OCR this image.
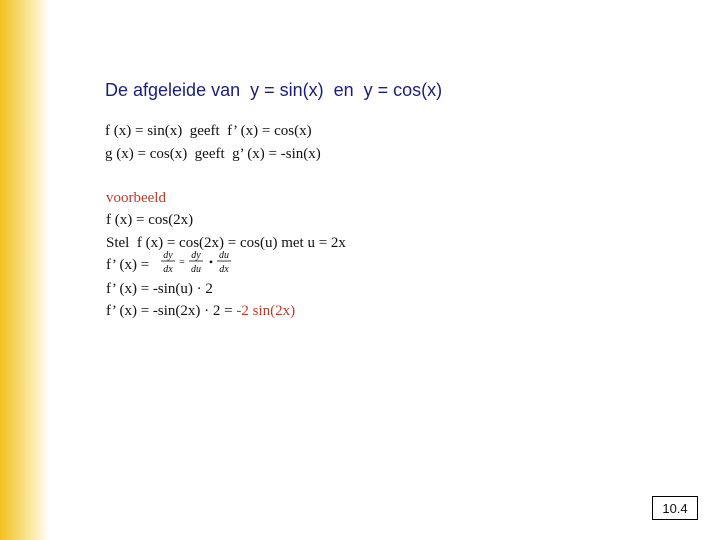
De afgeleide van  y = sin(x)  en  y = cos(x)
f (x) = sin(x)  geeft  f’ (x) = cos(x)
g (x) = cos(x)  geeft  g’ (x) = -sin(x)
voorbeeld
f (x) = cos(2x)
Stel  f (x) = cos(2x) = cos(u) met u = 2x
f’ (x) =
dy
dx
=
dy
du
• du
dx
f’ (x) = -sin(u) · 2
f’ (x) = -sin(2x) · 2 = -2 sin(2x)
10.4
